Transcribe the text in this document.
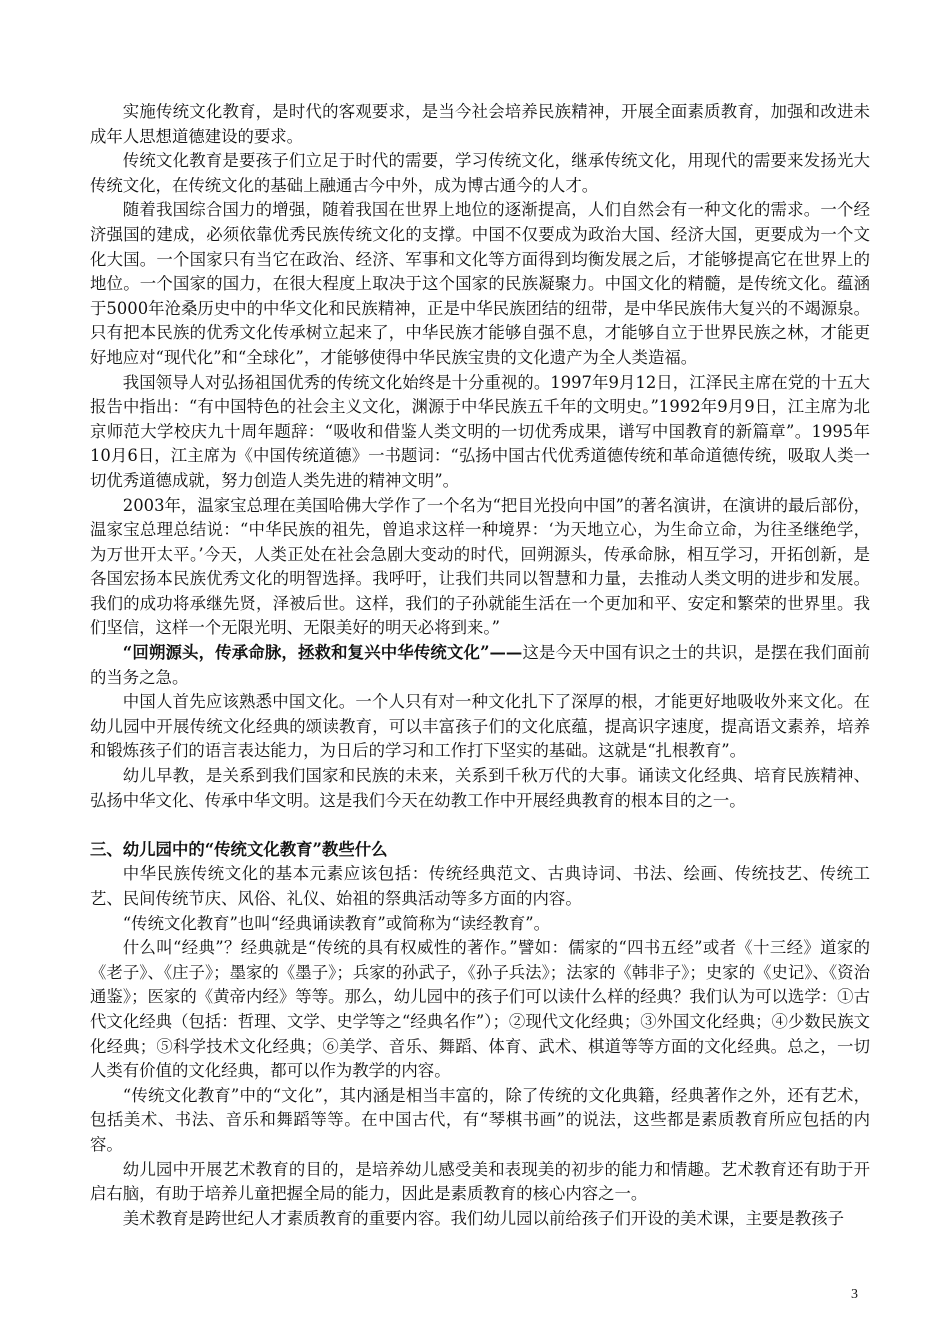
实施传统文化教育，是时代的客观要求，是当今社会培养民族精神，开展全面素质教育，加强和改进未成年人思想道德建设的要求。

传统文化教育是要孩子们立足于时代的需要，学习传统文化，继承传统文化，用现代的需要来发扬光大传统文化，在传统文化的基础上融通古今中外，成为博古通今的人才。

随着我国综合国力的增强，随着我国在世界上地位的逐渐提高，人们自然会有一种文化的需求。一个经济强国的建成，必须依靠优秀民族传统文化的支撑。中国不仅要成为政治大国、经济大国，更要成为一个文化大国。一个国家只有当它在政治、经济、军事和文化等方面得到均衡发展之后，才能够提高它在世界上的地位。一个国家的国力，在很大程度上取决于这个国家的民族凝聚力。中国文化的精髓，是传统文化。蕴涵于5000年沧桑历史中的中华文化和民族精神，正是中华民族团结的纽带，是中华民族伟大复兴的不竭源泉。只有把本民族的优秀文化传承树立起来了，中华民族才能够自强不息，才能够自立于世界民族之林，才能更好地应对“现代化”和“全球化”，才能够使得中华民族宝贵的文化遗产为全人类造福。

我国领导人对弘扬祖国优秀的传统文化始终是十分重视的。1997年9月12日，江泽民主席在党的十五大报告中指出：“有中国特色的社会主义文化，渊源于中华民族五千年的文明史。”1992年9月9日，江主席为北京师范大学校庆九十周年题辞：“吸收和借鉴人类文明的一切优秀成果，谱写中国教育的新篇章”。1995年10月6日，江主席为《中国传统道德》一书题词：“弘扬中国古代优秀道德传统和革命道德传统，吸取人类一切优秀道德成就，努力创造人类先进的精神文明”。

2003年，温家宝总理在美国哈佛大学作了一个名为“把目光投向中国”的著名演讲，在演讲的最后部份，温家宝总理总结说：“中华民族的祖先，曾追求这样一种境界：‘为天地立心，为生命立命，为往圣继绝学，为万世开太平。’今天，人类正处在社会急剧大变动的时代，回朔源头，传承命脉，相互学习，开拓创新，是各国宏扬本民族优秀文化的明智选择。我呼吁，让我们共同以智慧和力量，去推动人类文明的进步和发展。我们的成功将承继先贤，泽被后世。这样，我们的子孙就能生活在一个更加和平、安定和繁荣的世界里。我们坚信，这样一个无限光明、无限美好的明天必将到来。”

“回朔源头，传承命脉，拯救和复兴中华传统文化”——这是今天中国有识之士的共识，是摆在我们面前的当务之急。

中国人首先应该熟悉中国文化。一个人只有对一种文化扎下了深厚的根，才能更好地吸收外来文化。在幼儿园中开展传统文化经典的颂读教育，可以丰富孩子们的文化底蕴，提高识字速度，提高语文素养，培养和锻炼孩子们的语言表达能力，为日后的学习和工作打下坚实的基础。这就是“扎根教育”。

幼儿早教，是关系到我们国家和民族的未来，关系到千秋万代的大事。诵读文化经典、培育民族精神、弘扬中华文化、传承中华文明。这是我们今天在幼教工作中开展经典教育的根本目的之一。

三、幼儿园中的“传统文化教育”教些什么

中华民族传统文化的基本元素应该包括：传统经典范文、古典诗词、书法、绘画、传统技艺、传统工艺、民间传统节庆、风俗、礼仪、始祖的祭典活动等多方面的内容。

“传统文化教育”也叫“经典诵读教育”或简称为“读经教育”。

什么叫“经典”？经典就是“传统的具有权威性的著作。”譬如：儒家的“四书五经”或者《十三经》道家的《老子》、《庄子》；墨家的《墨子》；兵家的孙武子，《孙子兵法》；法家的《韩非子》；史家的《史记》、《资治通鉴》；医家的《黄帝内经》等等。那么，幼儿园中的孩子们可以读什么样的经典？我们认为可以选学：①古代文化经典（包括：哲理、文学、史学等之“经典名作”）；②现代文化经典；③外国文化经典；④少数民族文化经典；⑤科学技术文化经典；⑥美学、音乐、舞蹈、体育、武术、棋道等等方面的文化经典。总之，一切人类有价值的文化经典，都可以作为教学的内容。

“传统文化教育”中的“文化”，其内涵是相当丰富的，除了传统的文化典籍，经典著作之外，还有艺术，包括美术、书法、音乐和舞蹈等等。在中国古代，有“琴棋书画”的说法，这些都是素质教育所应包括的内容。

幼儿园中开展艺术教育的目的，是培养幼儿感受美和表现美的初步的能力和情趣。艺术教育还有助于开启右脑，有助于培养儿童把握全局的能力，因此是素质教育的核心内容之一。

美术教育是跨世纪人才素质教育的重要内容。我们幼儿园以前给孩子们开设的美术课，主要是教孩子

3
